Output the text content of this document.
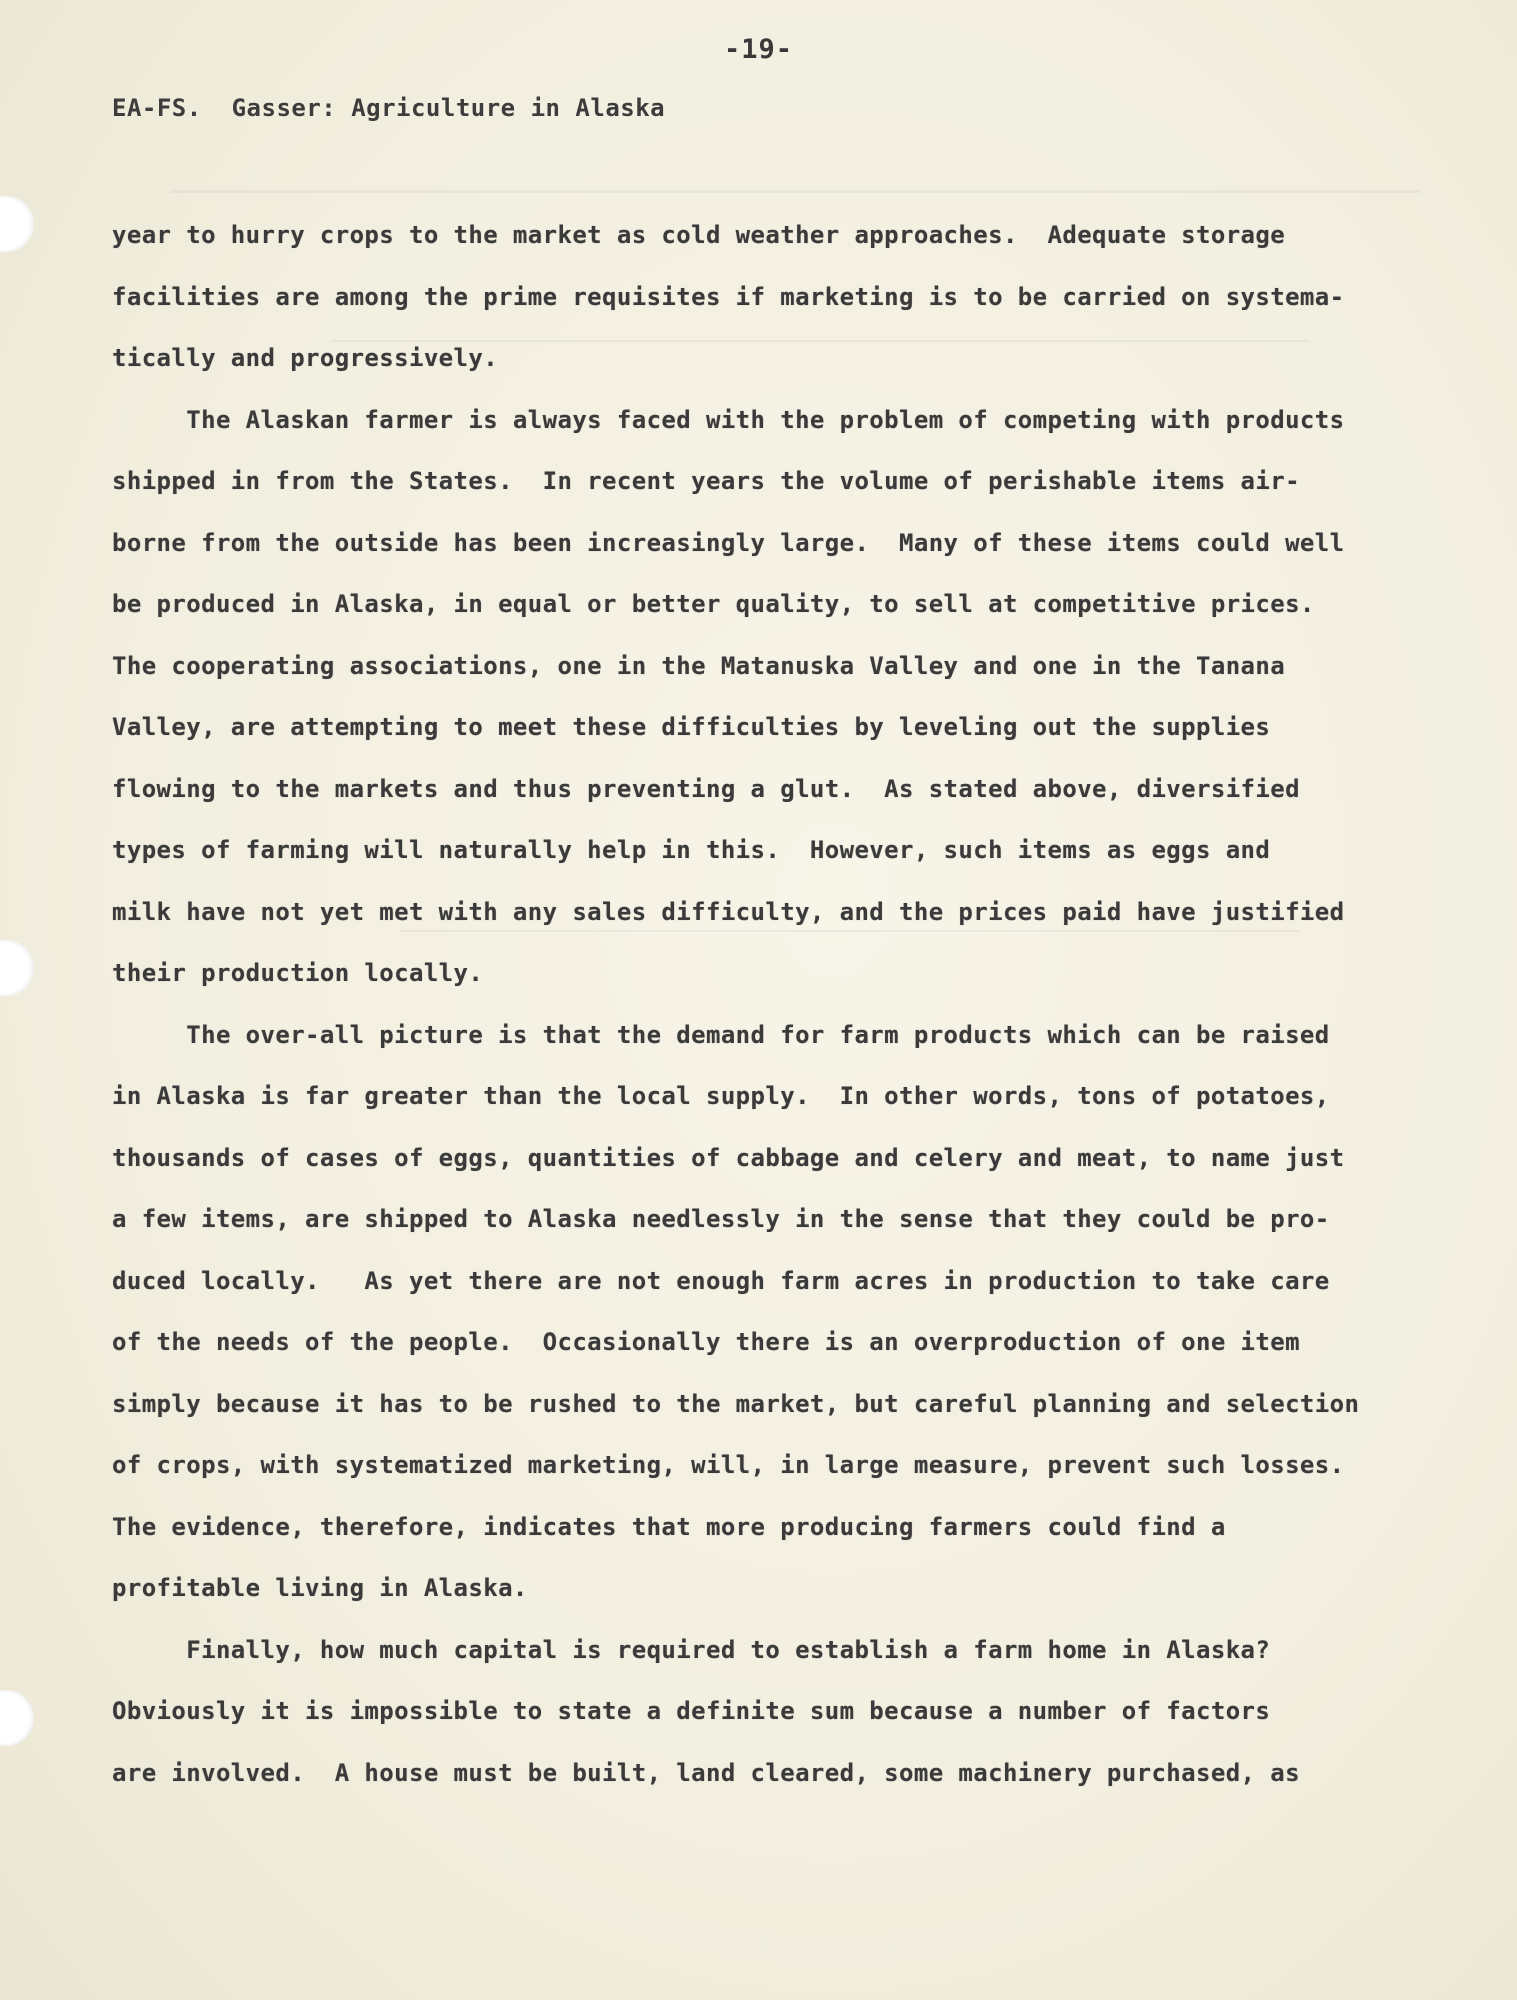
-19-
EA-FS.  Gasser: Agriculture in Alaska
year to hurry crops to the market as cold weather approaches.  Adequate storage
facilities are among the prime requisites if marketing is to be carried on systema-
tically and progressively.
The Alaskan farmer is always faced with the problem of competing with products
shipped in from the States.  In recent years the volume of perishable items air-
borne from the outside has been increasingly large.  Many of these items could well
be produced in Alaska, in equal or better quality, to sell at competitive prices.
The cooperating associations, one in the Matanuska Valley and one in the Tanana
Valley, are attempting to meet these difficulties by leveling out the supplies
flowing to the markets and thus preventing a glut.  As stated above, diversified
types of farming will naturally help in this.  However, such items as eggs and
milk have not yet met with any sales difficulty, and the prices paid have justified
their production locally.
The over-all picture is that the demand for farm products which can be raised
in Alaska is far greater than the local supply.  In other words, tons of potatoes,
thousands of cases of eggs, quantities of cabbage and celery and meat, to name just
a few items, are shipped to Alaska needlessly in the sense that they could be pro-
duced locally.   As yet there are not enough farm acres in production to take care
of the needs of the people.  Occasionally there is an overproduction of one item
simply because it has to be rushed to the market, but careful planning and selection
of crops, with systematized marketing, will, in large measure, prevent such losses.
The evidence, therefore, indicates that more producing farmers could find a
profitable living in Alaska.
Finally, how much capital is required to establish a farm home in Alaska?
Obviously it is impossible to state a definite sum because a number of factors
are involved.  A house must be built, land cleared, some machinery purchased, as
